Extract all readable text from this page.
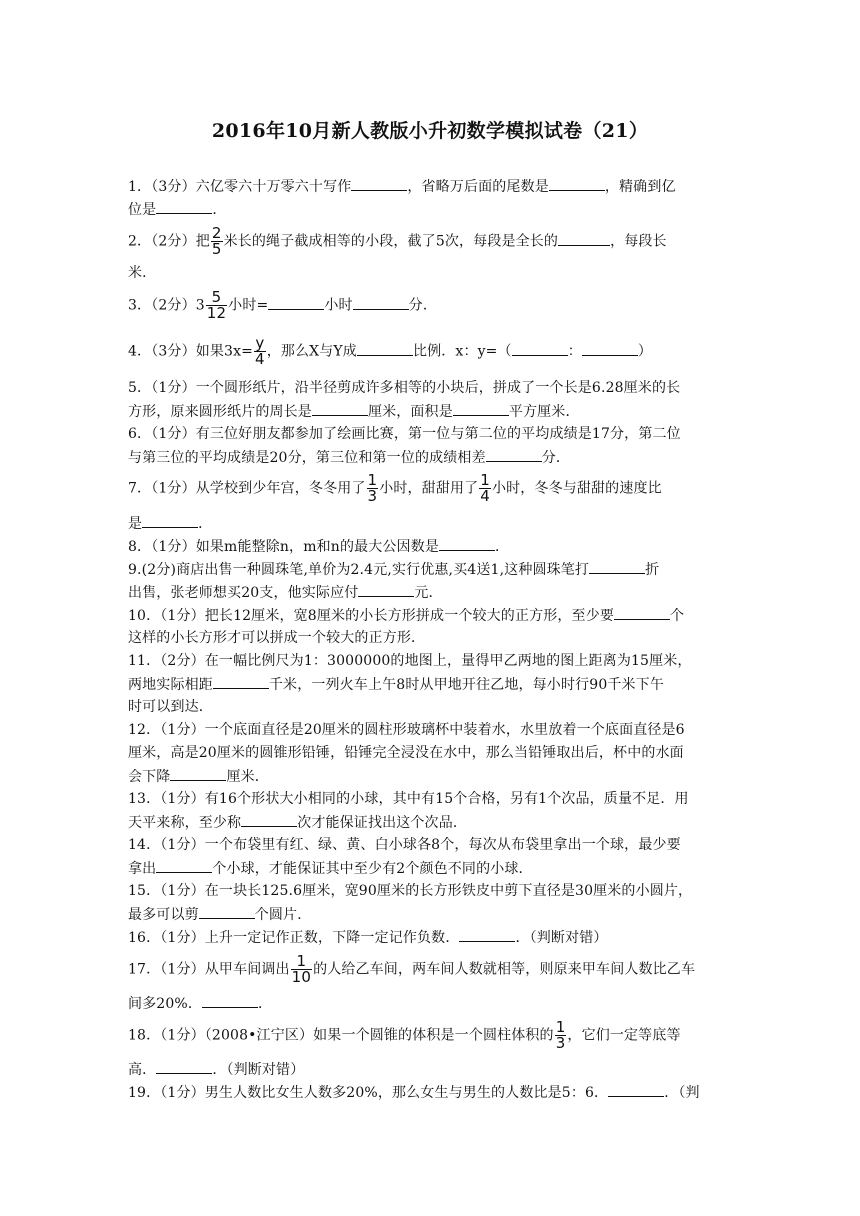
2016年10月新人教版小升初数学模拟试卷（21）
1．（3分）六亿零六十万零六十写作	，省略万后面的尾数是	，精确到亿
位是	．
2．（2分）把 $\frac{2}{5}$ 米长的绳子截成相等的小段，截了5次，每段是全长的	，每段长
米．
3．（2分）$3 \frac{5}{12}$ 小时=	小时	分．
4．（3分）如果$3x= \frac{y}{4}$ ，那么X与Y成	比例．x：y=（	：	）
5．（1分）一个圆形纸片，沿半径剪成许多相等的小块后，拼成了一个长是6.28厘米的长
方形，原来圆形纸片的周长是	厘米，面积是	平方厘米．
6．（1分）有三位好朋友都参加了绘画比赛，第一位与第二位的平均成绩是17分，第二位
与第三位的平均成绩是20分，第三位和第一位的成绩相差	分．
7．（1分）从学校到少年宫，冬冬用了 $\frac{1}{3}$ 小时，甜甜用了 $\frac{1}{4}$ 小时，冬冬与甜甜的速度比
是	．
8．（1分）如果m能整除n，m和n的最大公因数是	．
9.(2分)商店出售一种圆珠笔,单价为2.4元,实行优惠,买4送1,这种圆珠笔打	折
出售，张老师想买20支，他实际应付	元．
10．（1分）把长12厘米，宽8厘米的小长方形拼成一个较大的正方形，至少要	个
这样的小长方形才可以拼成一个较大的正方形．
11．（2分）在一幅比例尺为1：3000000的地图上，量得甲乙两地的图上距离为15厘米，
两地实际相距	千米，一列火车上午8时从甲地开往乙地，每小时行90千米下午
时可以到达．
12．（1分）一个底面直径是20厘米的圆柱形玻璃杯中装着水，水里放着一个底面直径是6
厘米，高是20厘米的圆锥形铅锤，铅锤完全浸没在水中，那么当铅锤取出后，杯中的水面
会下降	厘米．
13．（1分）有16个形状大小相同的小球，其中有15个合格，另有1个次品，质量不足．用
天平来称，至少称	次才能保证找出这个次品．
14．（1分）一个布袋里有红、绿、黄、白小球各8个，每次从布袋里拿出一个球，最少要
拿出	个小球，才能保证其中至少有2个颜色不同的小球．
15．（1分）在一块长125.6厘米，宽90厘米的长方形铁皮中剪下直径是30厘米的小圆片，
最多可以剪	个圆片．
16．（1分）上升一定记作正数，下降一定记作负数．	．（判断对错）
17．（1分）从甲车间调出 $\frac{1}{10}$ 的人给乙车间，两车间人数就相等，则原来甲车间人数比乙车
间多20%．	．
18．（1分）（2008•江宁区）如果一个圆锥的体积是一个圆柱体积的 $\frac{1}{3}$ ，它们一定等底等
高．	．（判断对错）
19．（1分）男生人数比女生人数多20%，那么女生与男生的人数比是5：6．	．（判
